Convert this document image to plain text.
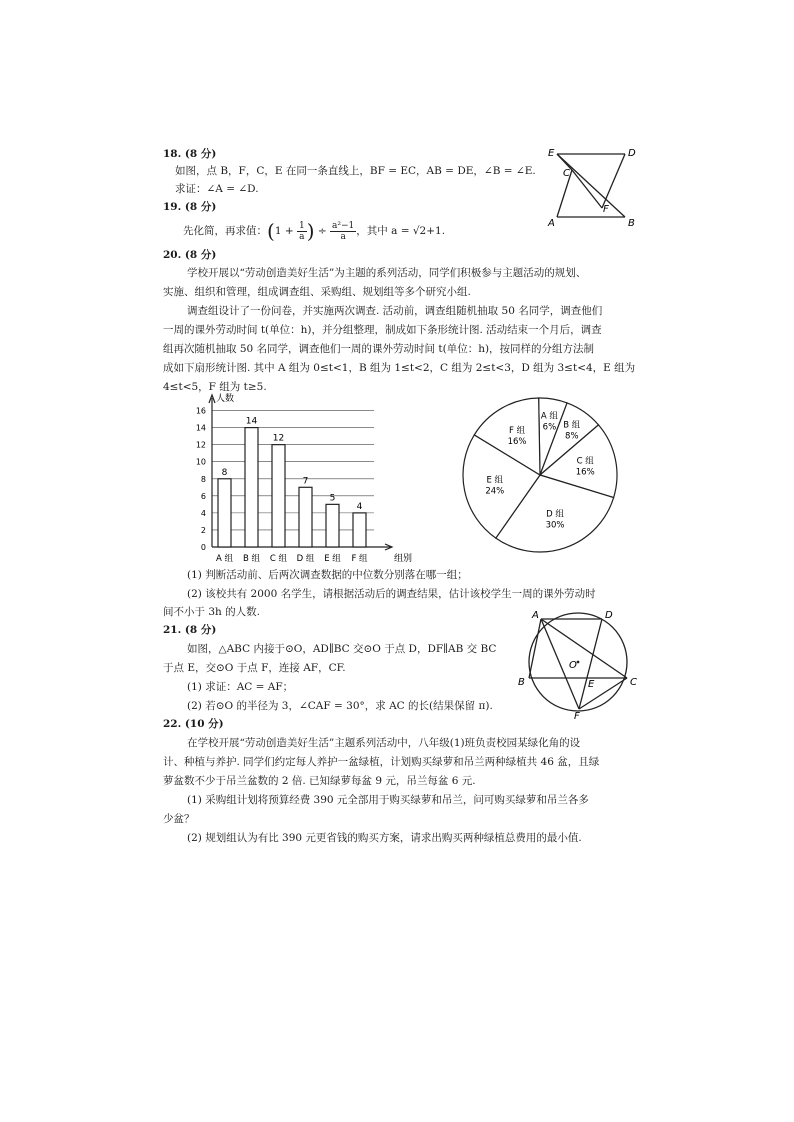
18. (8 分)
如图，点 B，F，C，E 在同一条直线上，BF = EC，AB = DE，∠B = ∠E.
求证：∠A = ∠D.
E	D
C
A
F
B
19. (8 分)
先化简，再求值：($1 + \frac{1}{a}$ ) ÷ $\frac{\text{a²−1}}{a}$ ，其中 a = √2+1.
20. (8 分)
学校开展以“劳动创造美好生活”为主题的系列活动，同学们积极参与主题活动的规划、
实施、组织和管理，组成调查组、采购组、规划组等多个研究小组.
调查组设计了一份问卷，并实施两次调查. 活动前，调查组随机抽取 50 名同学，调查他们
一周的课外劳动时间 t(单位：h)，并分组整理，制成如下条形统计图. 活动结束一个月后，调查
组再次随机抽取 50 名同学，调查他们一周的课外劳动时间 t(单位：h)，按同样的分组方法制
成如下扇形统计图. 其中 A 组为 0≤t<1，B 组为 1≤t<2，C 组为 2≤t<3，D 组为 3≤t<4，E 组为
4≤t<5，F 组为 t≥5.
0
2
4
6
8
10
12
14
16
人数
组别
8
A 组
14
B 组
12
C 组
7
D 组
5
E 组
4
F 组
A 组
6% B 组
8%
C 组
16%
D 组
30%
E 组
24%
F 组
16%
(1) 判断活动前、后两次调查数据的中位数分别落在哪一组；
(2) 该校共有 2000 名学生，请根据活动后的调查结果，估计该校学生一周的课外劳动时
间不小于 3h 的人数.
21. (8 分)
如图，△ABC 内接于⊙O，AD∥BC 交⊙O 于点 D，DF∥AB 交 BC
于点 E，交⊙O 于点 F，连接 AF，CF.
(1) 求证：AC = AF；
(2) 若⊙O 的半径为 3，∠CAF = 30°，求 AC 的长(结果保留 π).
A	D
B	C
E
F
O
22. (10 分)
在学校开展“劳动创造美好生活”主题系列活动中，八年级(1)班负责校园某绿化角的设
计、种植与养护. 同学们约定每人养护一盆绿植，计划购买绿萝和吊兰两种绿植共 46 盆，且绿
萝盆数不少于吊兰盆数的 2 倍. 已知绿萝每盆 9 元，吊兰每盆 6 元.
(1) 采购组计划将预算经费 390 元全部用于购买绿萝和吊兰，问可购买绿萝和吊兰各多
少盆？
(2) 规划组认为有比 390 元更省钱的购买方案，请求出购买两种绿植总费用的最小值.
